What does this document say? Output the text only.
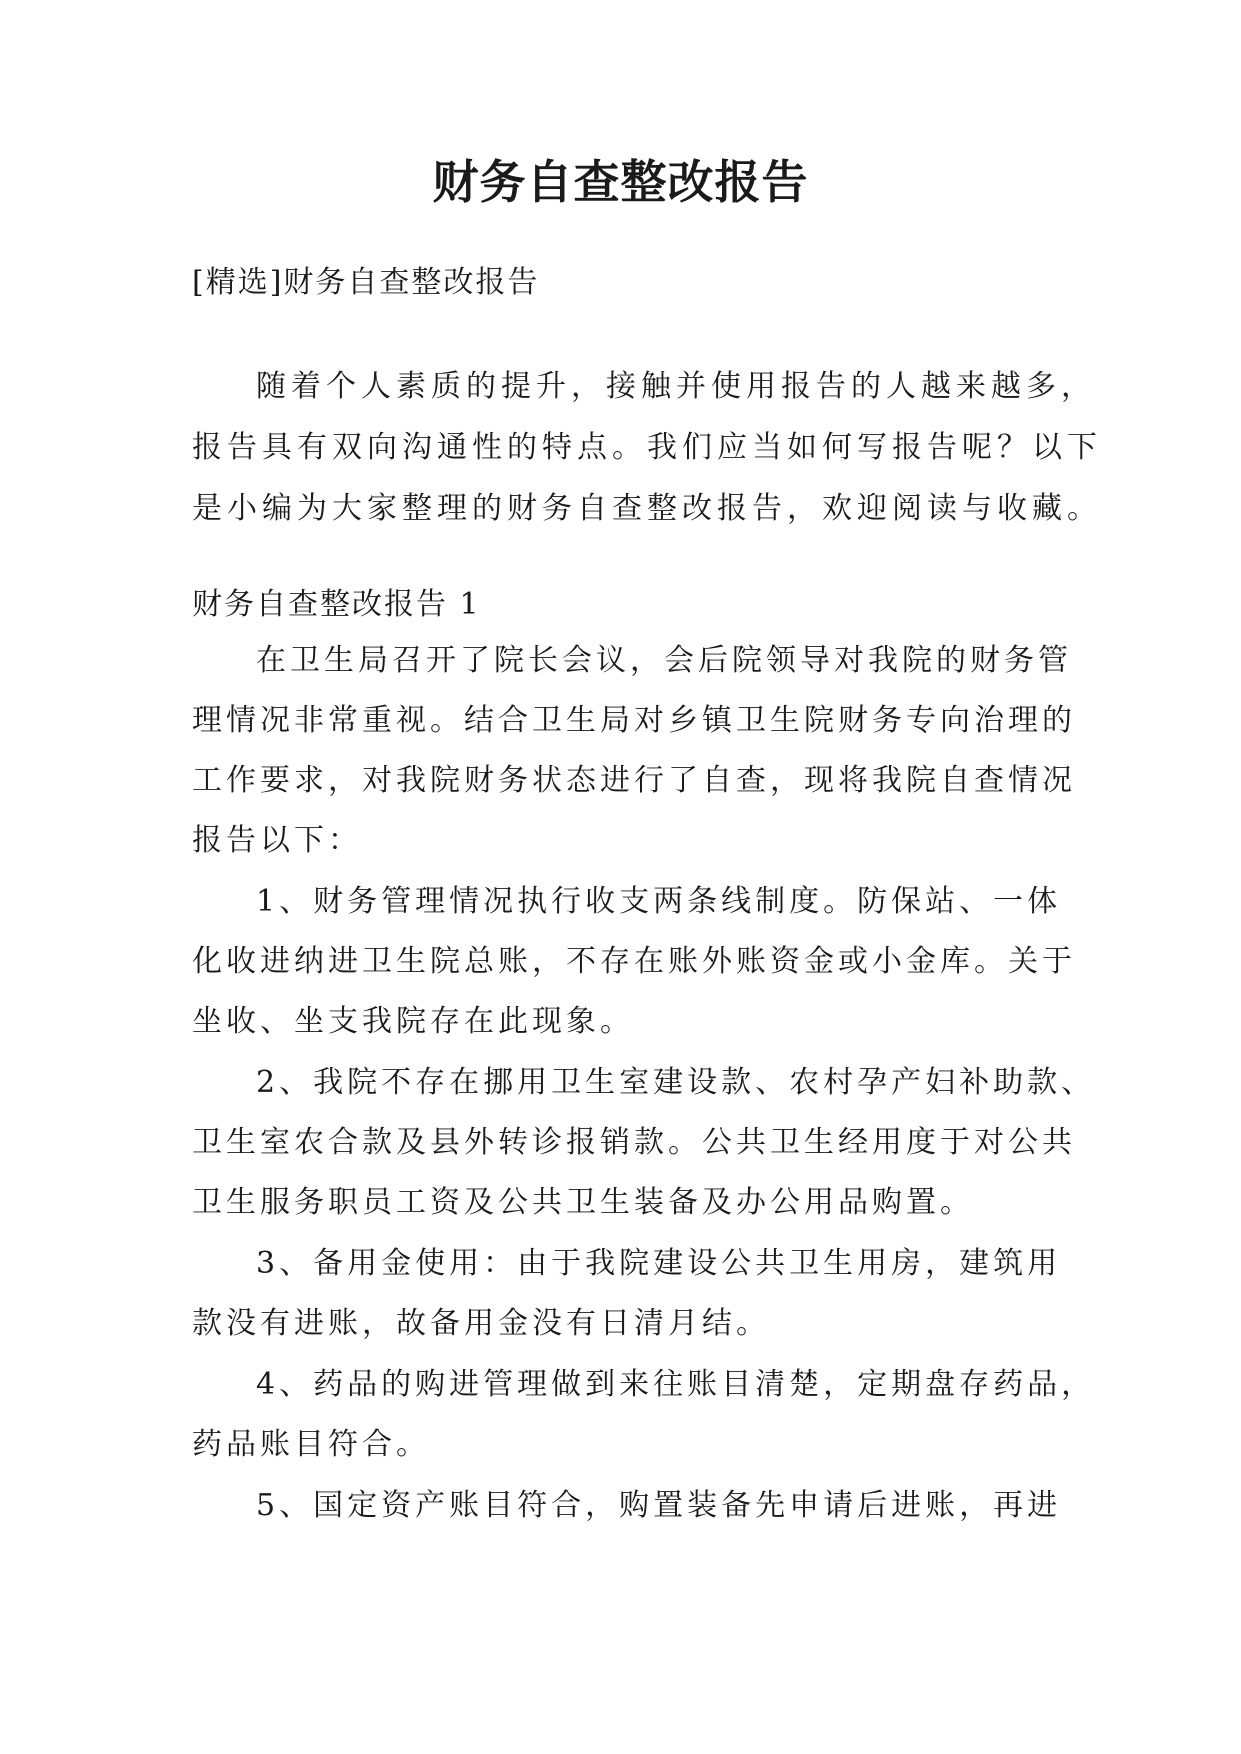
财务自查整改报告
[精选]财务自查整改报告
随着个人素质的提升，接触并使用报告的人越来越多，
报告具有双向沟通性的特点。我们应当如何写报告呢？以下
是小编为大家整理的财务自查整改报告，欢迎阅读与收藏。
财务自查整改报告 1
在卫生局召开了院长会议，会后院领导对我院的财务管
理情况非常重视。结合卫生局对乡镇卫生院财务专向治理的
工作要求，对我院财务状态进行了自查，现将我院自查情况
报告以下：
1、财务管理情况执行收支两条线制度。防保站、一体
化收进纳进卫生院总账，不存在账外账资金或小金库。关于
坐收、坐支我院存在此现象。
2、我院不存在挪用卫生室建设款、农村孕产妇补助款、
卫生室农合款及县外转诊报销款。公共卫生经用度于对公共
卫生服务职员工资及公共卫生装备及办公用品购置。
3、备用金使用：由于我院建设公共卫生用房，建筑用
款没有进账，故备用金没有日清月结。
4、药品的购进管理做到来往账目清楚，定期盘存药品，
药品账目符合。
5、国定资产账目符合，购置装备先申请后进账，再进
